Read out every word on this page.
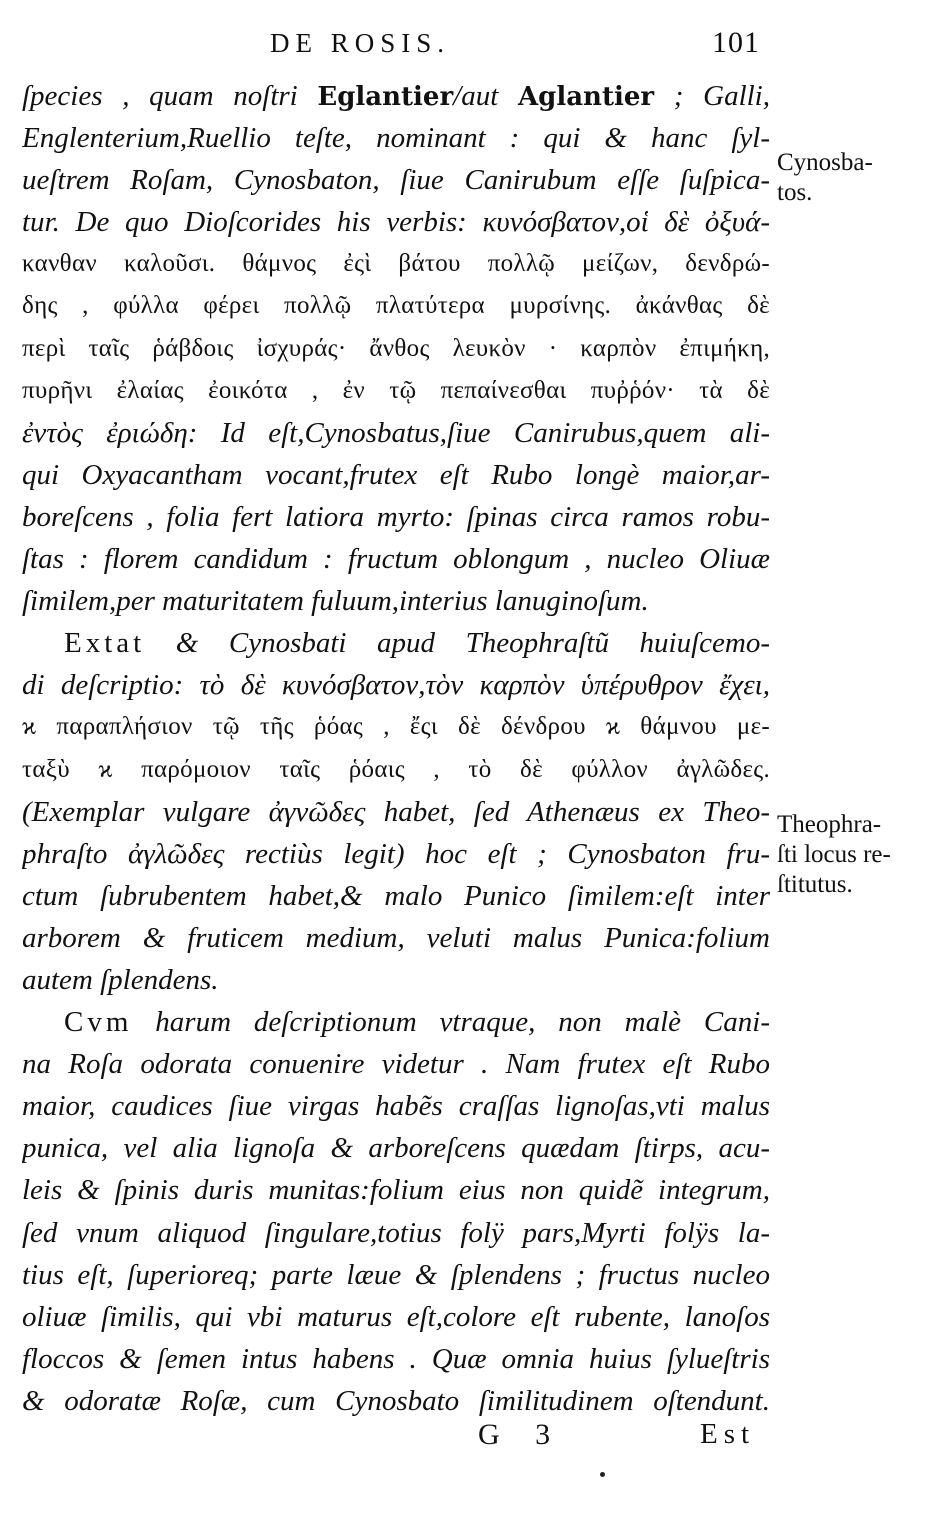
DE ROSIS.	101
ſpecies , quam noſtri Eglantier/aut Aglantier ; Galli,
Englenterium,Ruellio teſte, nominant : qui & hanc ſyl-
ueſtrem Roſam, Cynosbaton, ſiue Canirubum eſſe ſuſpica-
tur. De quo Dioſcorides his verbis: κυνόσβατον,οἱ δὲ ὀξυά-
κανθαν καλοῦσι. θάμνος ἐςὶ βάτου πολλῷ μείζων, δενδρώ-
δης , φύλλα φέρει πολλῷ πλατύτερα μυρσίνης. ἀκάνθας δὲ
περὶ ταῖς ῥάβδοις ἰσχυράς· ἄνθος λευκὸν · καρπὸν ἐπιμήκη,
πυρῆνι ἐλαίας ἐοικότα , ἐν τῷ πεπαίνεσθαι πυῤῥόν· τὰ δὲ
ἐντὸς ἐριώδη: Id eſt,Cynosbatus,ſiue Canirubus,quem ali-
qui Oxyacantham vocant,frutex eſt Rubo longè maior,ar-
boreſcens , folia fert latiora myrto: ſpinas circa ramos robu-
ſtas : florem candidum : fructum oblongum , nucleo Oliuæ
ſimilem,per maturitatem fuluum,interius lanuginoſum.
Extat & Cynosbati apud Theophraſtũ huiuſcemo-
di deſcriptio: τὸ δὲ κυνόσβατον,τὸν καρπὸν ὑπέρυθρον ἔχει,
ϰ παραπλήσιον τῷ τῆς ῥόας , ἔςι δὲ δένδρου ϰ θάμνου με-
ταξὺ ϰ παρόμοιον ταῖς ῥόαις , τὸ δὲ φύλλον ἀγλῶδες.
(Exemplar vulgare ἀγνῶδες habet, ſed Athenæus ex Theo-
phraſto ἀγλῶδες rectiùs legit) hoc eſt ; Cynosbaton fru-
ctum ſubrubentem habet,& malo Punico ſimilem:eſt inter
arborem & fruticem medium, veluti malus Punica:folium
autem ſplendens.
Cvm harum deſcriptionum vtraque, non malè Cani-
na Roſa odorata conuenire videtur . Nam frutex eſt Rubo
maior, caudices ſiue virgas habẽs craſſas lignoſas,vti malus
punica, vel alia lignoſa & arboreſcens quædam ſtirps, acu-
leis & ſpinis duris munitas:folium eius non quidẽ integrum,
ſed vnum aliquod ſingulare,totius folÿ pars,Myrti folÿs la-
tius eſt, ſuperioreq; parte læue & ſplendens ; fructus nucleo
oliuæ ſimilis, qui vbi maturus eſt,colore eſt rubente, lanoſos
floccos & ſemen intus habens . Quæ omnia huius ſylueſtris
& odoratæ Roſæ, cum Cynosbato ſimilitudinem oſtendunt.
Cynosba-
tos.
Theophra-
ſti locus re-
ſtitutus.
G 3	Est
